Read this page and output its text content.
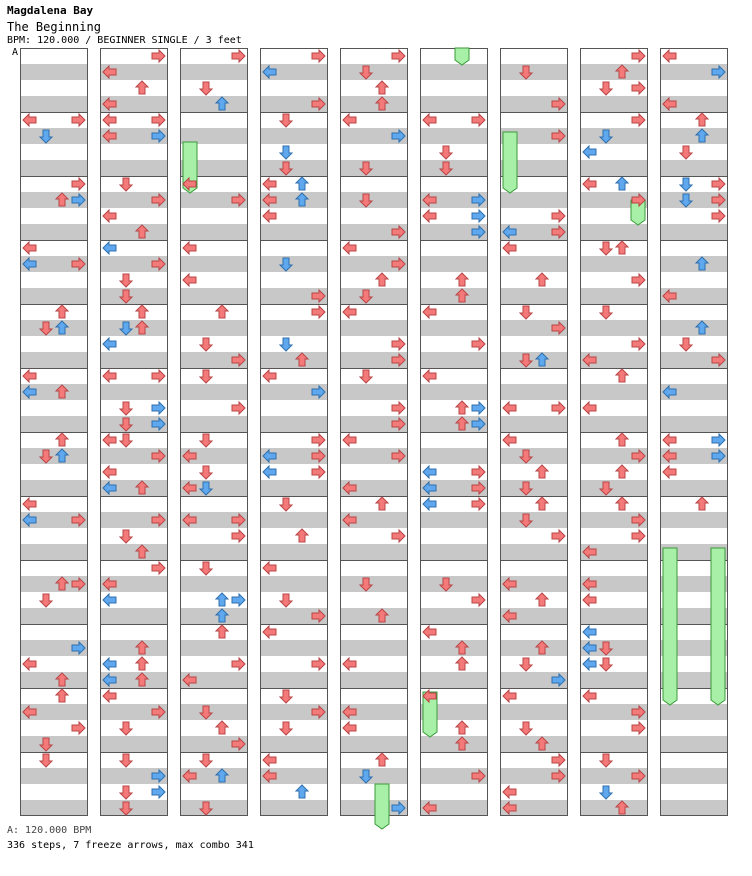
Magdalena Bay
The Beginning
BPM: 120.000 / BEGINNER SINGLE / 3 feet
A
A: 120.000 BPM
336 steps, 7 freeze arrows, max combo 341
